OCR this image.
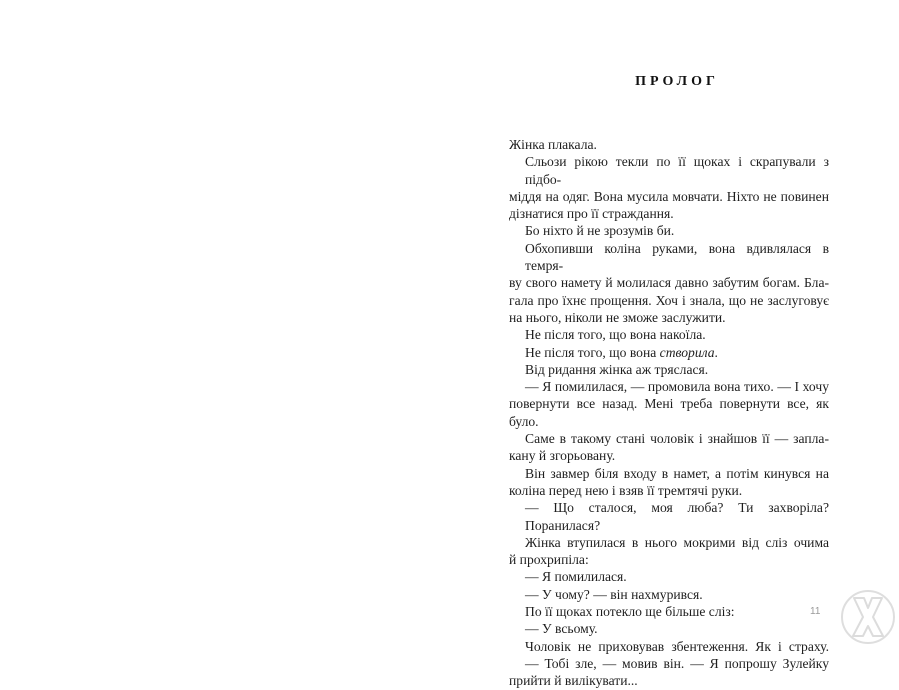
ПРОЛОГ
Жінка плакала.
Сльози рікою текли по її щоках і скрапували з підбо-
міддя на одяг. Вона мусила мовчати. Ніхто не повинен
дізнатися про її страждання.
Бо ніхто й не зрозумів би.
Обхопивши коліна руками, вона вдивлялася в темря-
ву свого намету й молилася давно забутим богам. Бла-
гала про їхнє прощення. Хоч і знала, що не заслуговує
на нього, ніколи не зможе заслужити.
Не після того, що вона накоїла.
Не після того, що вона створила.
Від ридання жінка аж тряслася.
— Я помилилася, — промовила вона тихо. — І хочу
повернути все назад. Мені треба повернути все, як було.
Саме в такому стані чоловік і знайшов її — запла-
кану й згорьовану.
Він завмер біля входу в намет, а потім кинувся на
коліна перед нею і взяв її тремтячі руки.
— Що сталося, моя люба? Ти захворіла? Поранилася?
Жінка втупилася в нього мокрими від сліз очима
й прохрипіла:
— Я помилилася.
— У чому? — він нахмурився.
По її щоках потекло ще більше сліз:
— У всьому.
Чоловік не приховував збентеження. Як і страху.
— Тобі зле, — мовив він. — Я попрошу Зулейку
прийти й вилікувати...
11
